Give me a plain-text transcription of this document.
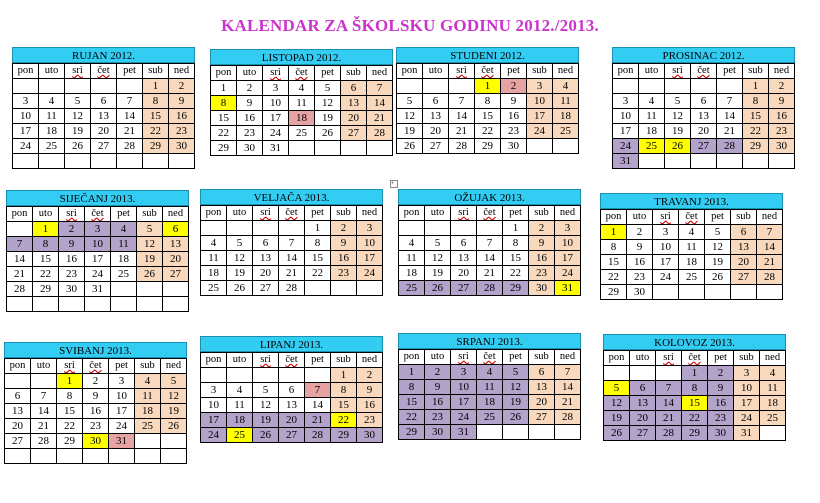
KALENDAR ZA ŠKOLSKU GODINU 2012./2013.
+
RUJAN 2012.
pon	uto	sri	čet	pet	sub	ned
					1	2
3	4	5	6	7	8	9
10	11	12	13	14	15	16
17	18	19	20	21	22	23
24	25	26	27	28	29	30

LISTOPAD 2012.
pon	uto	sri	čet	pet	sub	ned
1	2	3	4	5	6	7
8	9	10	11	12	13	14
15	16	17	18	19	20	21
22	23	24	25	26	27	28
29	30	31				
STUDENI 2012.
pon	uto	sri	čet	pet	sub	ned
			1	2	3	4
5	6	7	8	9	10	11
12	13	14	15	16	17	18
19	20	21	22	23	24	25
26	27	28	29	30		
PROSINAC 2012.
pon	uto	sri	čet	pet	sub	ned
					1	2
3	4	5	6	7	8	9
10	11	12	13	14	15	16
17	18	19	20	21	22	23
24	25	26	27	28	29	30
31						
SIJEČANJ 2013.
pon	uto	sri	čet	pet	sub	ned
	1	2	3	4	5	6
7	8	9	10	11	12	13
14	15	16	17	18	19	20
21	22	23	24	25	26	27
28	29	30	31			

VELJAČA 2013.
pon	uto	sri	čet	pet	sub	ned
				1	2	3
4	5	6	7	8	9	10
11	12	13	14	15	16	17
18	19	20	21	22	23	24
25	26	27	28			
OŽUJAK 2013.
pon	uto	sri	čet	pet	sub	ned
				1	2	3
4	5	6	7	8	9	10
11	12	13	14	15	16	17
18	19	20	21	22	23	24
25	26	27	28	29	30	31
TRAVANJ 2013.
pon	uto	sri	čet	pet	sub	ned
1	2	3	4	5	6	7
8	9	10	11	12	13	14
15	16	17	18	19	20	21
22	23	24	25	26	27	28
29	30					
SVIBANJ 2013.
pon	uto	sri	čet	pet	sub	ned
		1	2	3	4	5
6	7	8	9	10	11	12
13	14	15	16	17	18	19
20	21	22	23	24	25	26
27	28	29	30	31		

LIPANJ 2013.
pon	uto	sri	čet	pet	sub	ned
					1	2
3	4	5	6	7	8	9
10	11	12	13	14	15	16
17	18	19	20	21	22	23
24	25	26	27	28	29	30
SRPANJ 2013.
pon	uto	sri	čet	pet	sub	ned
1	2	3	4	5	6	7
8	9	10	11	12	13	14
15	16	17	18	19	20	21
22	23	24	25	26	27	28
29	30	31				
KOLOVOZ 2013.
pon	uto	sri	čet	pet	sub	ned
			1	2	3	4
5	6	7	8	9	10	11
12	13	14	15	16	17	18
19	20	21	22	23	24	25
26	27	28	29	30	31	
